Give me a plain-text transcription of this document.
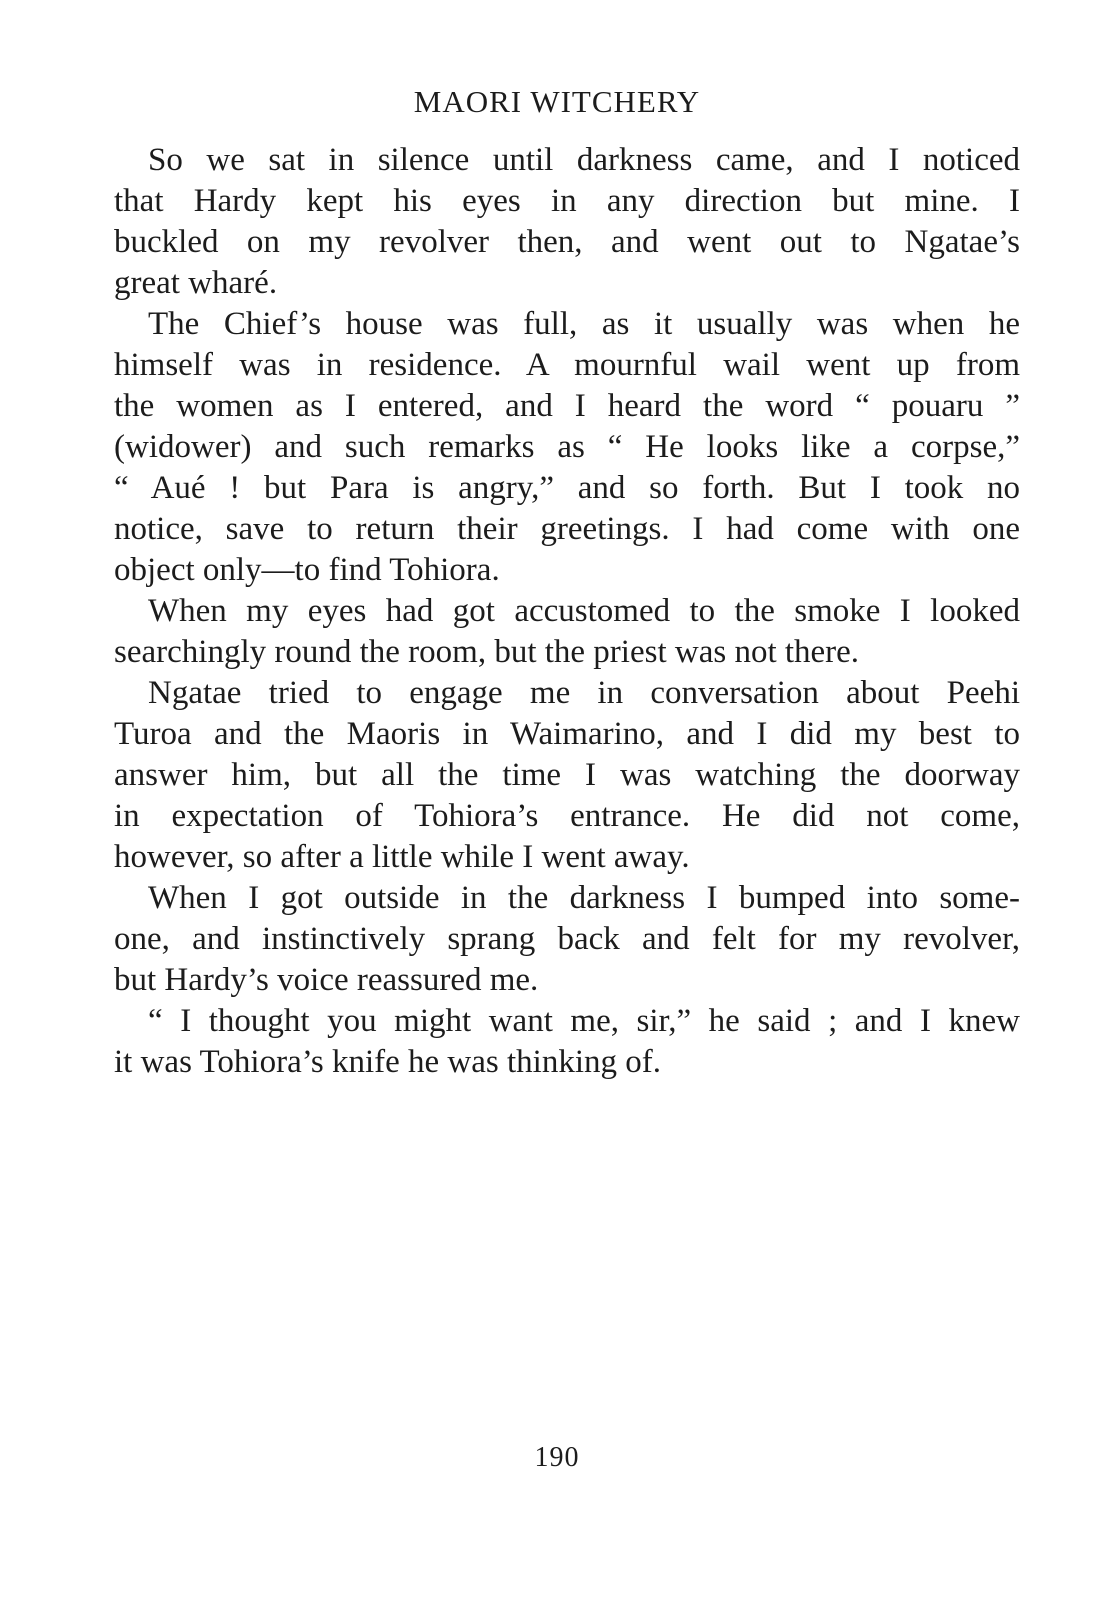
MAORI WITCHERY
So we sat in silence until darkness came, and I noticed
that Hardy kept his eyes in any direction but mine. I
buckled on my revolver then, and went out to Ngatae’s
great wharé.
The Chief’s house was full, as it usually was when he
himself was in residence. A mournful wail went up from
the women as I entered, and I heard the word “ pouaru ”
(widower) and such remarks as “ He looks like a corpse,”
“ Aué ! but Para is angry,” and so forth. But I took no
notice, save to return their greetings. I had come with one
object only—to find Tohiora.
When my eyes had got accustomed to the smoke I looked
searchingly round the room, but the priest was not there.
Ngatae tried to engage me in conversation about Peehi
Turoa and the Maoris in Waimarino, and I did my best to
answer him, but all the time I was watching the doorway
in expectation of Tohiora’s entrance. He did not come,
however, so after a little while I went away.
When I got outside in the darkness I bumped into some-
one, and instinctively sprang back and felt for my revolver,
but Hardy’s voice reassured me.
“ I thought you might want me, sir,” he said ; and I knew
it was Tohiora’s knife he was thinking of.
190
